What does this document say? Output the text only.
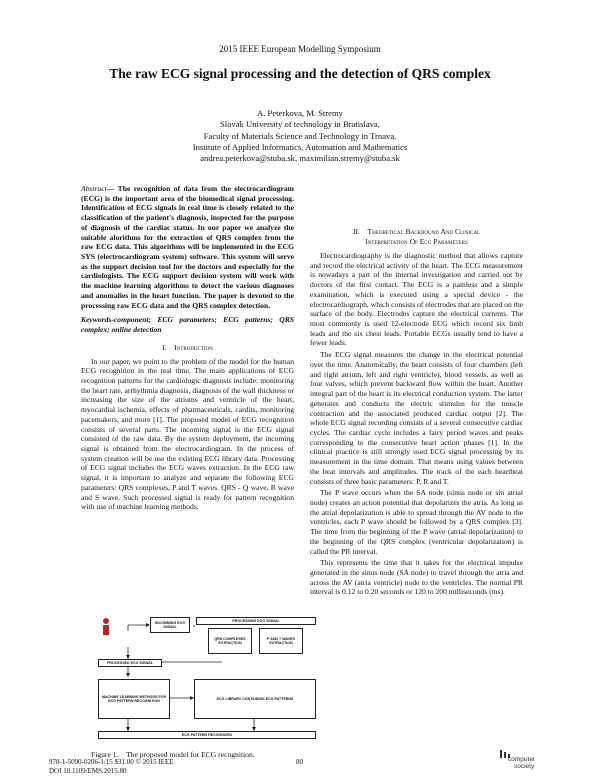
2015 IEEE European Modelling Symposium
The raw ECG signal processing and the detection of QRS complex
A. Peterkova, M. Stremy
Slovak University of technology in Bratislava,
Faculty of Materials Science and Technology in Trnava,
Institute of Applied Informatics, Automation and Mathematics
andrea.peterkova@stuba.sk, maximilian.stremy@stuba.sk

Abstract— The recognition of data from the electrocardiogram (ECG) is the important area of the biomedical signal processing. Identification of ECG signals in real time is closely related to the classification of the patient's diagnosis, inspected for the purpose of diagnosis of the cardiac status. In our paper we analyze the suitable alorithms for the extraction of QRS complex from the raw ECG data. This algorithms will be implemented in the ECG SYS (electrocardiogram system) software. This system will serve as the support decision tool for the doctors and especially for the cardiologists. The ECG support decision system will work with the machine learning algorithms to detect the various diagnoses and anomalies in the heart function. The paper is devoted to the processing raw ECG data and the QRS complex detection.

Keywords-component; ECG parameters; ECG patterns; QRS complex; online detection

I. Introduction

In our paper, we point to the problem of the model for the human ECG recognition in the real time. The main applications of ECG recognition patterns for the cardiologic diagnosis include: monitoring the heart rate, arrhythmia diagnosis, diagnosis of the wall thickness or increasing the size of the atriums and ventricle of the heart, myocardial ischemia, effects of pharmaceuticals, cardits, monitoring pacemakers, and more [1]. The proposed model of ECG recognition consists of several parts. The incoming signal is the ECG signal consisted of the raw data. By the system deployment, the incoming signal is obtained from the electrocardiogram. In the process of system creation will be use the existing ECG library data. Processing of ECG signal includes the ECG waves extraction. In the ECG raw signal, it is important to analyze and separate the following ECG parameters: QRS complexes, P and T waves. QRS - Q wave, R wave and S wave. Such processed signal is ready for pattern recognition with use of machine learning methods.

INCOMMING ECG SIGNAL
PROCESSING ECG SIGNAL
QRS COMPLEXES EXTRACTION
P AND T WAVES EXTRACTION
PROCESSED ECG SIGNAL
MACHINE LEARNING METHODS FOR ECG PATTERN RECOGNITION
ECG LIBRARY CONTAINING ECG PATTERNS
ECG PATTERN RECOGNIZED
Figure 1. The proposed model for ECG recognition.
II. Theoretical Backround And Clinical
Interpretation Of Ecg Parameters

Electrocardiography is the diagnostic method that allows capture and record the electrical activity of the heart. The ECG measurement is nowadays a part of the internal investigation and carried out by doctors of the first contact. The ECG is a painless and a simple examination, which is executed using a special device - the electrocardiograph, which consists of electrodes that are placed on the surface of the body. Electrodes capture the electrical currents. The most commonly is used 12-electrode ECG which record six limb leads and the six chest leads. Portable ECGs usually tend to have a fewer leads.

The ECG signal measures the change in the electrical potential over the time. Anatomically, the heart consists of four chambers (left and right atrium, left and right ventricle), blood vessels, as well as four valves, which prevent backward flow within the heart. Another integral part of the heart is its electrical conduction system. The latter generates and conducts the electric stimulus for the muscle contraction and the associated produced cardiac output [2]. The whole ECG signal recording consists of a several consecutive cardiac cycles. The cardiac cycle includes a fairy period waves and peaks corresponding to the consecutive heart action phases [1]. In the clinical practice is still strongly used ECG signal processing by its measurement in the time domain. That means using values between the beat intervals and amplitudes. The track of the each heartbeat consists of three basic parameters: P, R and T.

The P wave occurs when the SA node (sinus node or sin atrial node) creates an action potential that depolarizes the atria. As long as the atrial depolarization is able to spread through the AV node to the ventricles, each P wave should be followed by a QRS complex [3]. The time from the beginning of the P wave (atrial depolarization) to the beginning of the QRS complex (ventricular depolarization) is called the PR interval.

This represents the time that it takes for the electrical impulse generated in the sinus node (SA node) to travel through the atria and across the AV (atria ventricle) node to the ventricles. The normal PR interval is 0.12 to 0.20 seconds or 120 to 200 milliseconds (ms).

978-1-5090-0206-1/15 $31.00 © 2015 IEEE
DOI 10.1109/EMS.2015.80
80	computer
society
